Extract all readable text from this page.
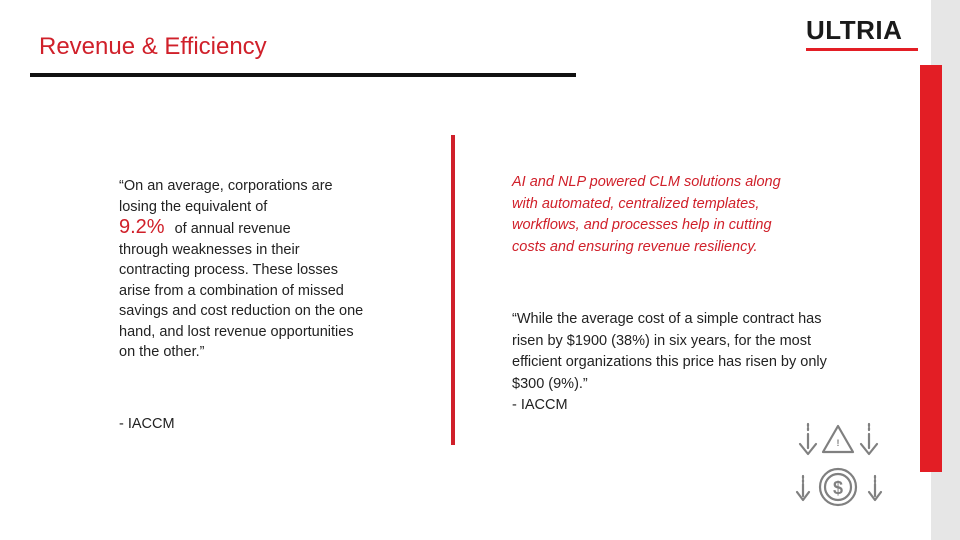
Revenue & Efficiency
ULTRIA

“On an average, corporations are losing the equivalent of

9.2% of annual revenue

through weaknesses in their contracting process. These losses arise from a combination of missed savings and cost reduction on the one hand, and lost revenue opportunities on the other.”

- IACCM

AI and NLP powered CLM solutions along with automated, centralized templates, workflows, and processes help in cutting costs and ensuring revenue resiliency.

“While the average cost of a simple contract has risen by $1900 (38%) in six years, for the most efficient organizations this price has risen by only $300 (9%).”
- IACCM
!
$
